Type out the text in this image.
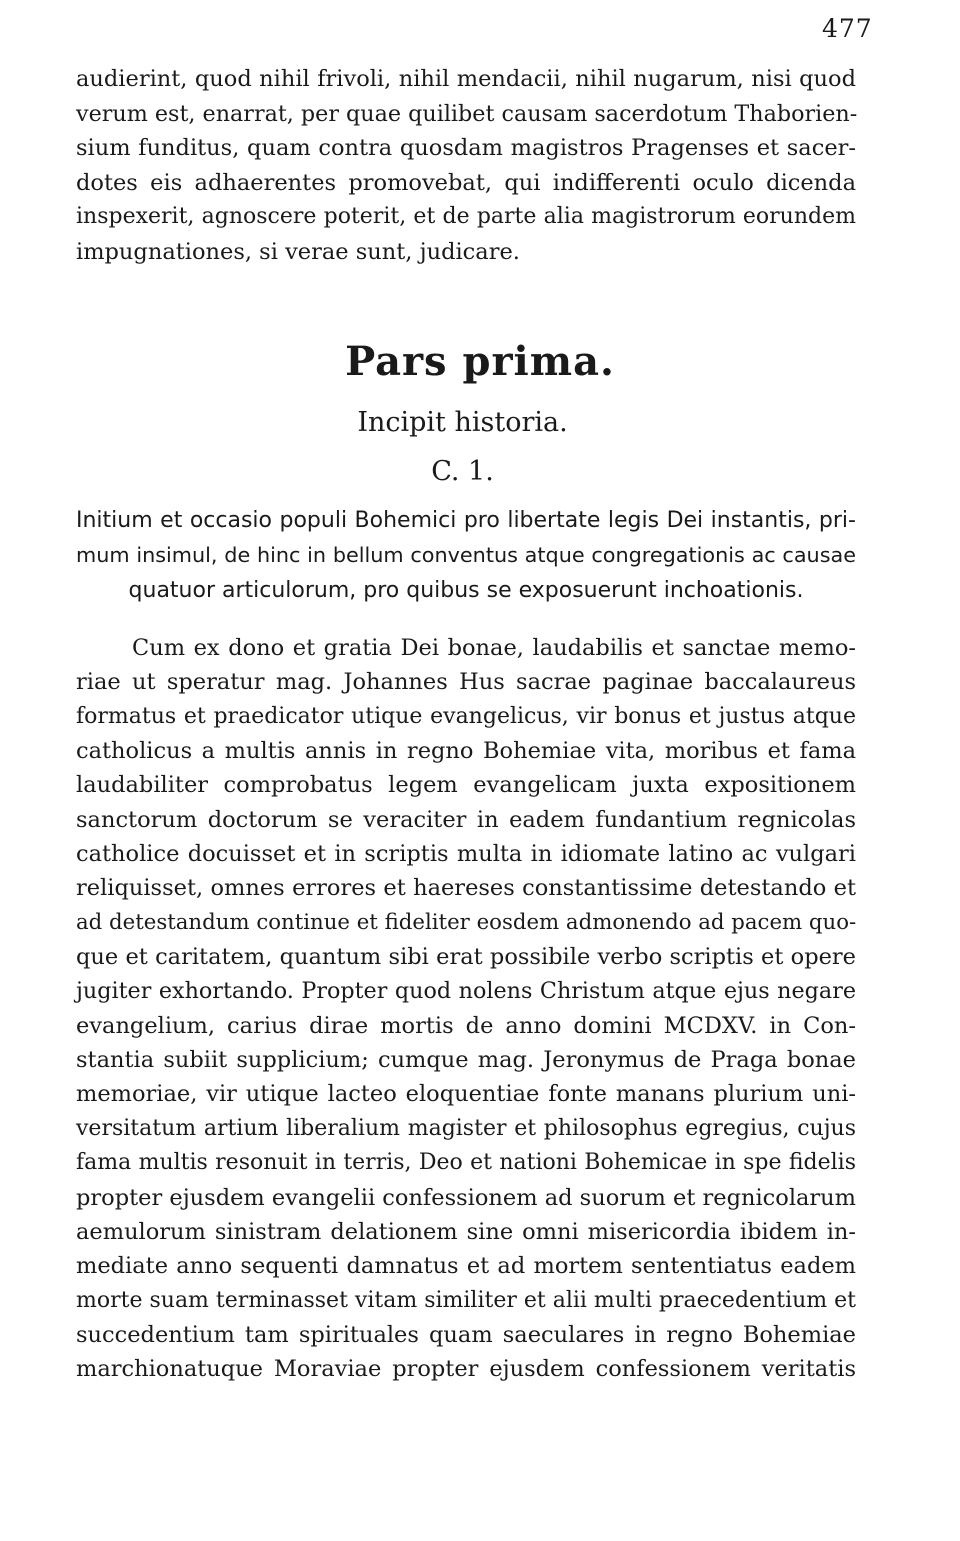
477
audierint, quod nihil frivoli, nihil mendacii, nihil nugarum, nisi quod
verum est, enarrat, per quae quilibet causam sacerdotum Thaborien-
sium funditus, quam contra quosdam magistros Pragenses et sacer-
dotes eis adhaerentes promovebat, qui indifferenti oculo dicenda
inspexerit, agnoscere poterit, et de parte alia magistrorum eorundem
impugnationes, si verae sunt, judicare.
Pars prima.
Incipit historia.
C. 1.
Initium et occasio populi Bohemici pro libertate legis Dei instantis, pri-
mum insimul, de hinc in bellum conventus atque congregationis ac causae
quatuor articulorum, pro quibus se exposuerunt inchoationis.
Cum ex dono et gratia Dei bonae, laudabilis et sanctae memo-
riae ut speratur mag. Johannes Hus sacrae paginae baccalaureus
formatus et praedicator utique evangelicus, vir bonus et justus atque
catholicus a multis annis in regno Bohemiae vita, moribus et fama
laudabiliter comprobatus legem evangelicam juxta expositionem
sanctorum doctorum se veraciter in eadem fundantium regnicolas
catholice docuisset et in scriptis multa in idiomate latino ac vulgari
reliquisset, omnes errores et haereses constantissime detestando et
ad detestandum continue et fideliter eosdem admonendo ad pacem quo-
que et caritatem, quantum sibi erat possibile verbo scriptis et opere
jugiter exhortando. Propter quod nolens Christum atque ejus negare
evangelium, carius dirae mortis de anno domini MCDXV. in Con-
stantia subiit supplicium; cumque mag. Jeronymus de Praga bonae
memoriae, vir utique lacteo eloquentiae fonte manans plurium uni-
versitatum artium liberalium magister et philosophus egregius, cujus
fama multis resonuit in terris, Deo et nationi Bohemicae in spe fidelis
propter ejusdem evangelii confessionem ad suorum et regnicolarum
aemulorum sinistram delationem sine omni misericordia ibidem in-
mediate anno sequenti damnatus et ad mortem sententiatus eadem
morte suam terminasset vitam similiter et alii multi praecedentium et
succedentium tam spirituales quam saeculares in regno Bohemiae
marchionatuque Moraviae propter ejusdem confessionem veritatis
